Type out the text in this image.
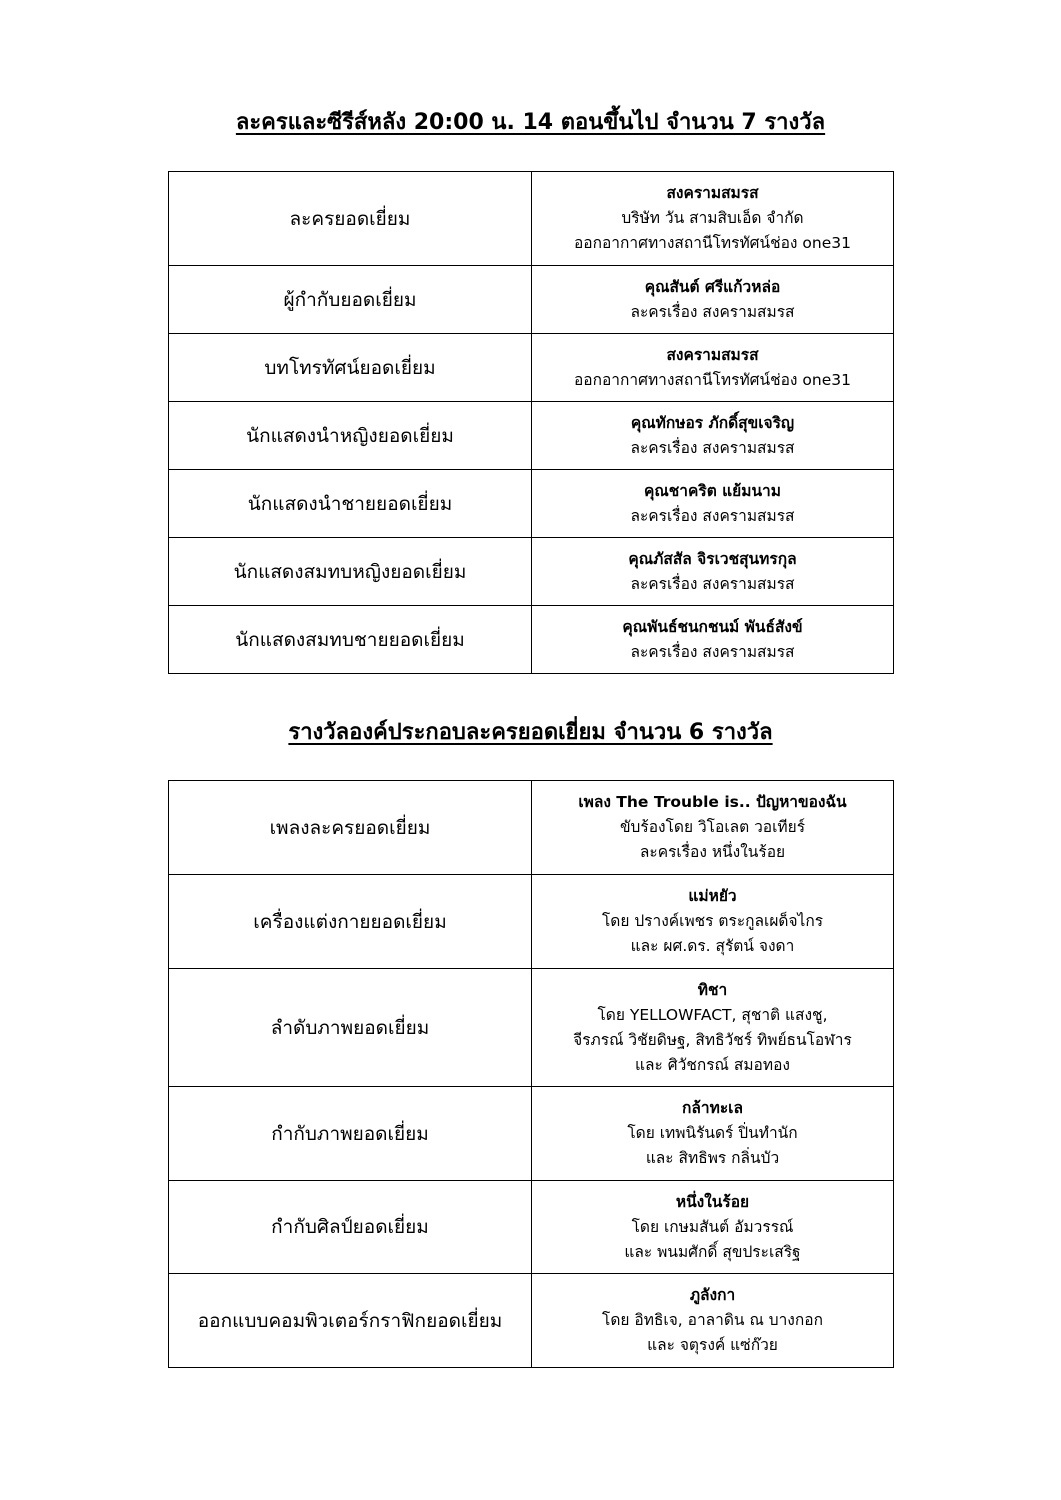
ละครและซีรีส์หลัง 20:00 น. 14 ตอนขึ้นไป จำนวน 7 รางวัล
ละครยอดเยี่ยม	สงครามสมรส
บริษัท วัน สามสิบเอ็ด จำกัด
ออกอากาศทางสถานีโทรทัศน์ช่อง one31

ผู้กำกับยอดเยี่ยม	คุณสันต์ ศรีแก้วหล่อ
ละครเรื่อง สงครามสมรส

บทโทรทัศน์ยอดเยี่ยม	สงครามสมรส
ออกอากาศทางสถานีโทรทัศน์ช่อง one31

นักแสดงนำหญิงยอดเยี่ยม	คุณทักษอร ภักดิ์สุขเจริญ
ละครเรื่อง สงครามสมรส

นักแสดงนำชายยอดเยี่ยม	คุณชาคริต แย้มนาม
ละครเรื่อง สงครามสมรส

นักแสดงสมทบหญิงยอดเยี่ยม	คุณภัสสัล จิรเวชสุนทรกุล
ละครเรื่อง สงครามสมรส

นักแสดงสมทบชายยอดเยี่ยม	คุณพันธ์ชนกชนม์ พันธ์สังข์
ละครเรื่อง สงครามสมรส
รางวัลองค์ประกอบละครยอดเยี่ยม จำนวน 6 รางวัล
เพลงละครยอดเยี่ยม	เพลง The Trouble is.. ปัญหาของฉัน
ขับร้องโดย วิโอเลต วอเทียร์
ละครเรื่อง หนึ่งในร้อย

เครื่องแต่งกายยอดเยี่ยม	แม่หยัว
โดย ปรางค์เพชร ตระกูลเผด็จไกร
และ ผศ.ดร. สุรัตน์ จงดา

ลำดับภาพยอดเยี่ยม	ทิชา
โดย YELLOWFACT, สุชาติ แสงชู,
จีรภรณ์ วิชัยดิษฐ, สิทธิวัชร์ ทิพย์ธนโอฬาร
และ ศิวัชกรณ์ สมอทอง

กำกับภาพยอดเยี่ยม	กล้าทะเล
โดย เทพนิรันดร์ ปิ่นทำนัก
และ สิทธิพร กลิ่นบัว

กำกับศิลป์ยอดเยี่ยม	หนึ่งในร้อย
โดย เกษมสันต์ อัมวรรณ์
และ พนมศักดิ์ สุขประเสริฐ

ออกแบบคอมพิวเตอร์กราฟิกยอดเยี่ยม	ภูลังกา
โดย อิทธิเจ, อาลาดิน ณ บางกอก
และ จตุรงค์ แซ่ก๊วย
